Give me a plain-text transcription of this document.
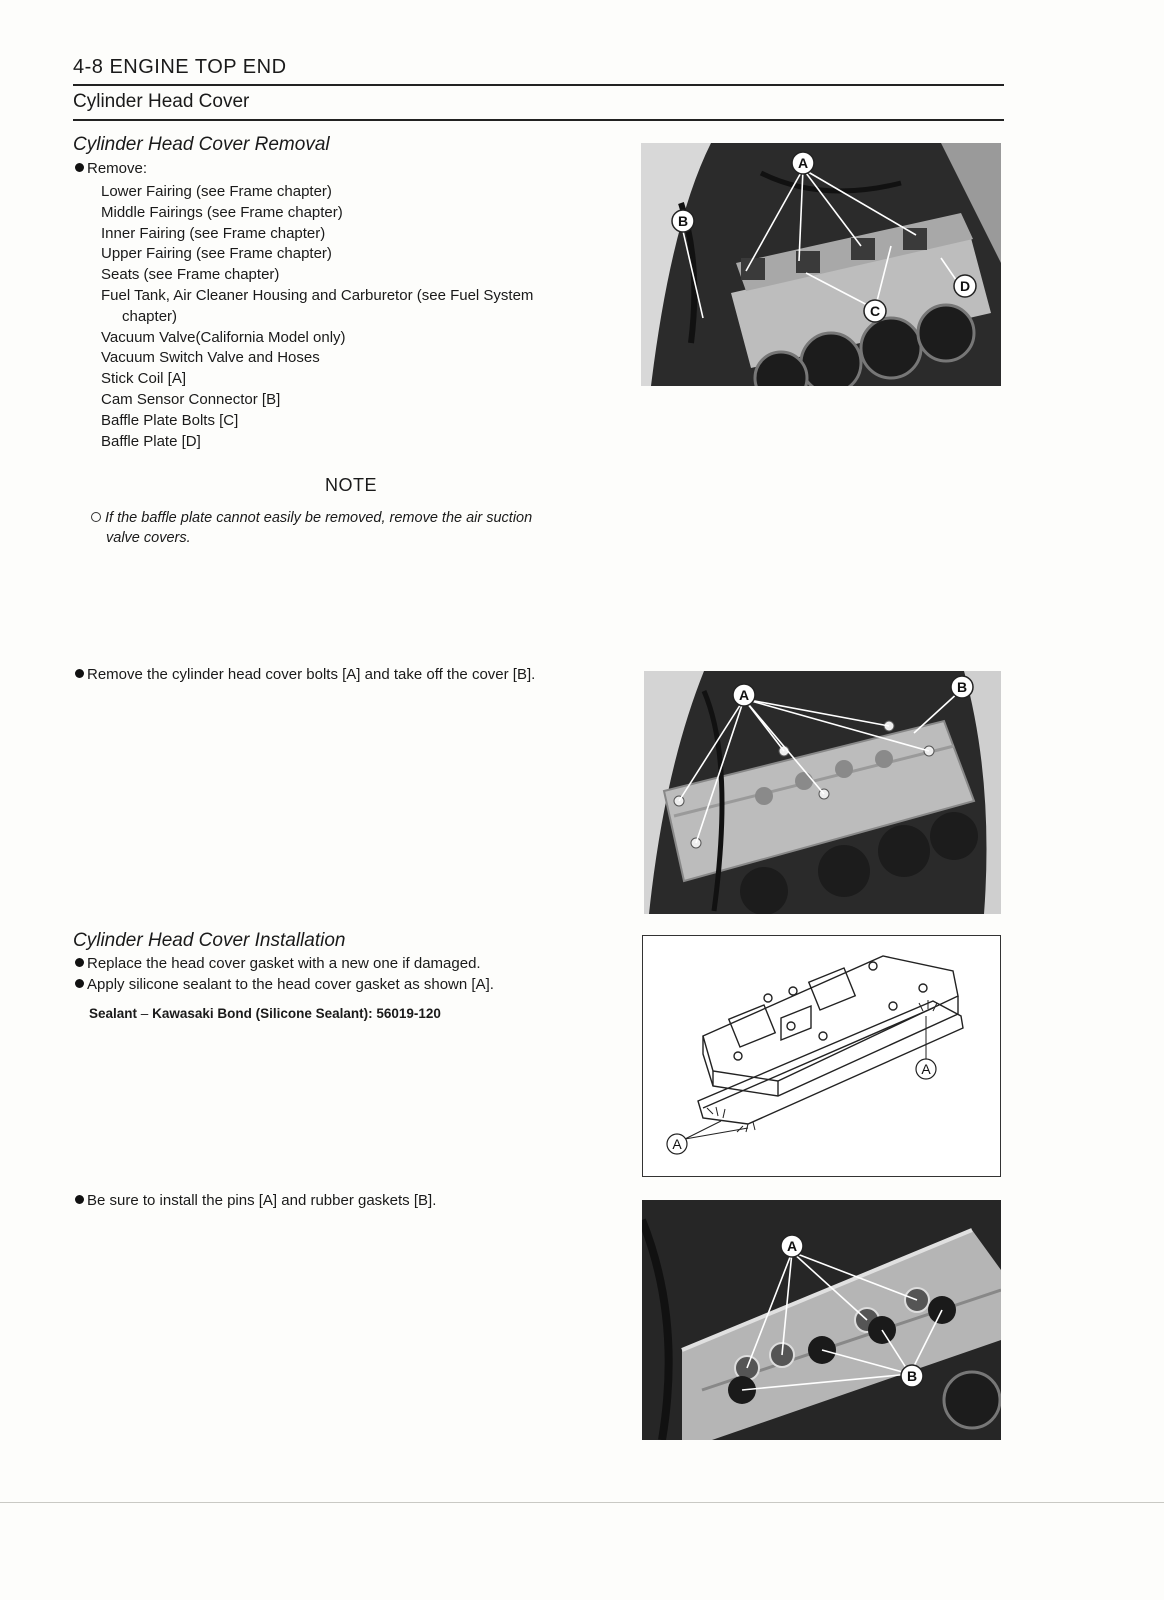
4-8 ENGINE TOP END
Cylinder Head Cover
Cylinder Head Cover Removal
Remove:
Lower Fairing (see Frame chapter)
Middle Fairings (see Frame chapter)
Inner Fairing (see Frame chapter)
Upper Fairing (see Frame chapter)
Seats (see Frame chapter)
Fuel Tank, Air Cleaner Housing and Carburetor (see Fuel System
chapter)
Vacuum Valve(California Model only)
Vacuum Switch Valve and Hoses
Stick Coil [A]
Cam Sensor Connector [B]
Baffle Plate Bolts [C]
Baffle Plate [D]
NOTE
If the baffle plate cannot easily be removed, remove the air suction
valve covers.
Remove the cylinder head cover bolts [A] and take off the cover [B].
Cylinder Head Cover Installation
Replace the head cover gasket with a new one if damaged.
Apply silicone sealant to the head cover gasket as shown [A].
Sealant – Kawasaki Bond (Silicone Sealant): 56019-120
Be sure to install the pins [A] and rubber gaskets [B].
A
B
C
D
A	B
A
A
A
B
